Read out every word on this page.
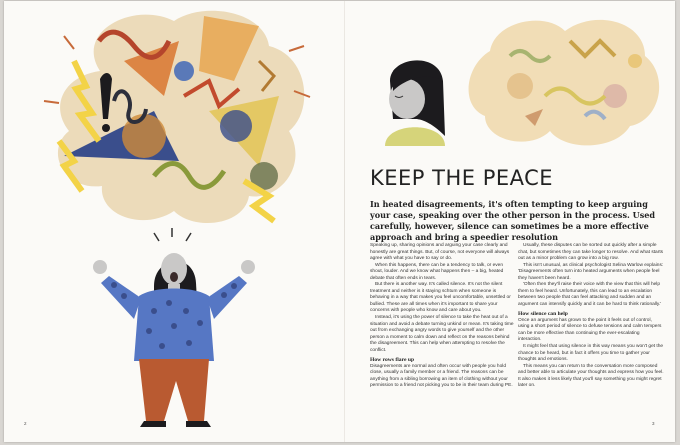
KEEP THE PEACE

In heated disagreements, it's often tempting to keep arguing your case, speaking over the other person in the process. Used carefully, however, silence can sometimes be a more effective approach and bring a speedier resolution

Speaking up, sharing opinions and arguing your case clearly and honestly are great things. But, of course, not everyone will always agree with what you have to say or do.

When this happens, there can be a tendency to talk, or even shout, louder. And we know what happens then – a big, heated debate that often ends in tears.

But there is another way. It's called silence. It's not the silent treatment and neither is it staying schtum when someone is behaving in a way that makes you feel uncomfortable, unsettled or bullied. These are all times when it's important to share your concerns with people who know and care about you.

Instead, it's using the power of silence to take the heat out of a situation and avoid a debate turning unkind or mean. It's taking time out from exchanging angry words to give yourself and the other person a moment to calm down and reflect on the reasons behind the disagreement. This can help when attempting to resolve the conflict.

How rows flare up

Disagreements are normal and often occur with people you hold close, usually a family member or a friend. The reasons can be anything from a sibling borrowing an item of clothing without your permission to a friend not picking you to be in their team during PE.

Usually, these disputes can be sorted out quickly after a simple chat, but sometimes they can take longer to resolve. And what starts out as a minor problem can grow into a big row.

This isn't unusual, as clinical psychologist Selina Warlow explains: 'Disagreements often turn into heated arguments when people feel they haven't been heard.

'Often then they'll raise their voice with the view that this will help them to feel heard. Unfortunately, this can lead to an escalation between two people that can feel attacking and sudden and an argument can intensify quickly and it can be hard to think rationally.'

How silence can help

Once an argument has grown to the point it feels out of control, using a short period of silence to defuse tensions and calm tempers can be more effective than continuing the ever-escalating interaction.

It might feel that using silence in this way means you won't get the chance to be heard, but in fact it offers you time to gather your thoughts and emotions.

This means you can return to the conversation more composed and better able to articulate your thoughts and express how you feel. It also makes it less likely that you'll say something you might regret later on.

2	3
